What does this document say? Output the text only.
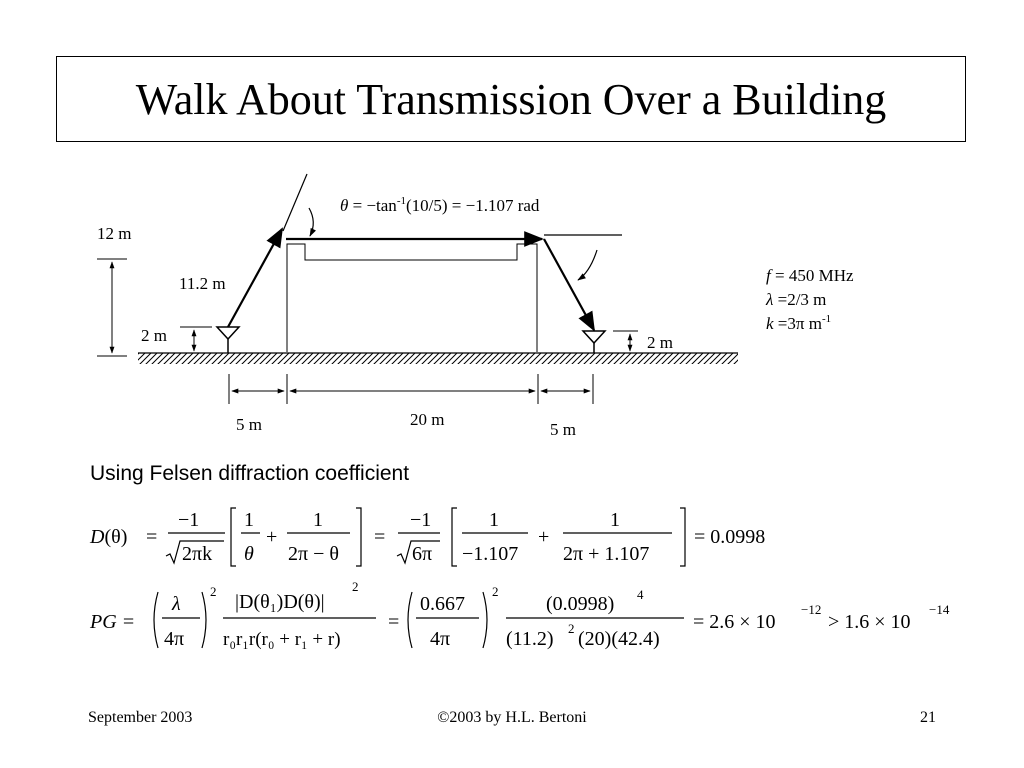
Walk About Transmission Over a Building
$\theta = -\tan^{-1}(10/5) = -1.107$ rad
12 m
11.2 m
2 m	2 m
5 m	20 m
5 m
f = 450 MHz
λ =2/3 m
k =3π $m^{-1}$
D(θ) =
−1
2πk
1
θ
+
1
2π − θ
=
−1
6π
1
−1.107
+
1
2π + 1.107
= 0.0998
PG =
λ
4π
2 |D(θ₁)D(θ)|
2
r₀r₁r(r₀ + r₁ + r)
=
0.667
4π
2
(0.0998) 4
(11.2) 2 (20)(42.4)
= 2.6 × 10
−12
> 1.6 × 10
−14
Using Felsen diffraction coefficient
September 2003	©2003 by H.L. Bertoni	21
